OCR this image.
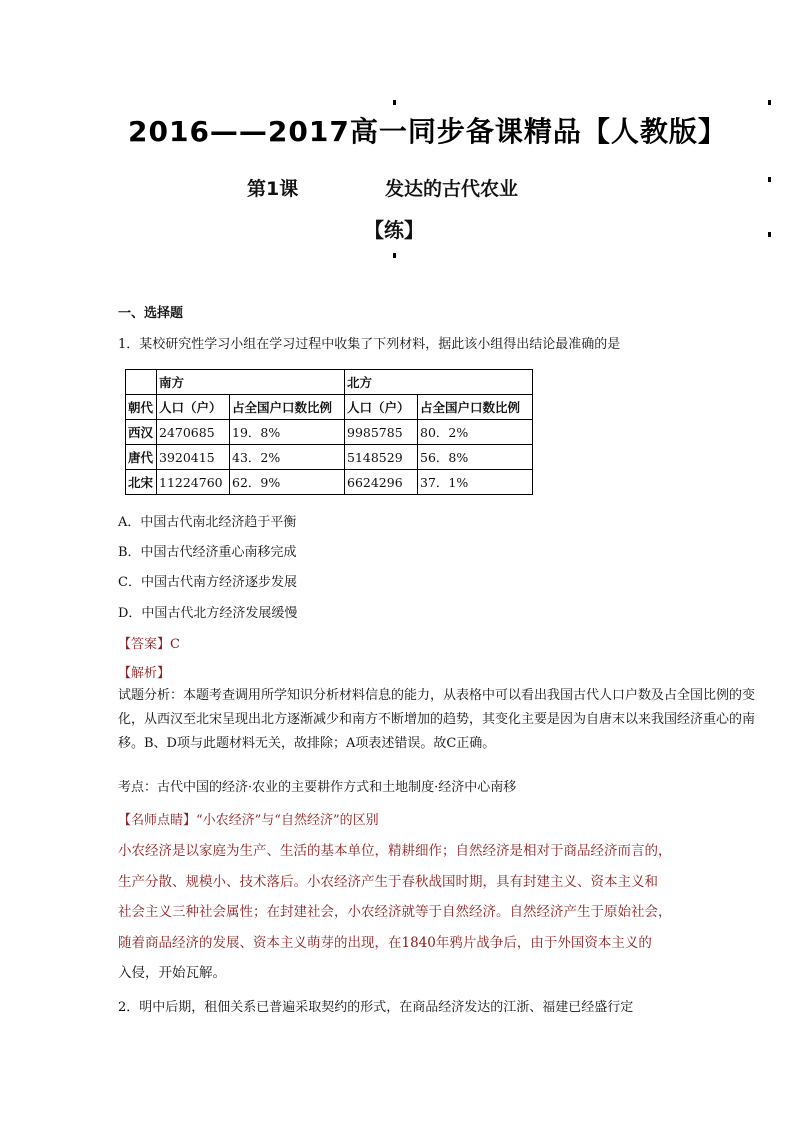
2016——2017高一同步备课精品【人教版】
第1课	发达的古代农业
【练】
一、选择题
1．某校研究性学习小组在学习过程中收集了下列材料，据此该小组得出结论最准确的是
	南方		北方	
朝代	人口（户）	占全国户口数比例	人口（户）	占全国户口数比例
西汉	2470685	19．8%	9985785	80．2%
唐代	3920415	43．2%	5148529	56．8%
北宋	11224760	62．9%	6624296	37．1%
A．中国古代南北经济趋于平衡
B．中国古代经济重心南移完成
C．中国古代南方经济逐步发展
D．中国古代北方经济发展缓慢
【答案】C
【解析】
试题分析：本题考查调用所学知识分析材料信息的能力，从表格中可以看出我国古代人口户数及占全国比例的变化，从西汉至北宋呈现出北方逐渐减少和南方不断增加的趋势，其变化主要是因为自唐末以来我国经济重心的南移。B、D项与此题材料无关，故排除；A项表述错误。故C正确。
考点：古代中国的经济·农业的主要耕作方式和土地制度·经济中心南移
【名师点睛】“小农经济”与“自然经济”的区别
小农经济是以家庭为生产、生活的基本单位，精耕细作；自然经济是相对于商品经济而言的，
生产分散、规模小、技术落后。小农经济产生于春秋战国时期，具有封建主义、资本主义和
社会主义三种社会属性；在封建社会，小农经济就等于自然经济。自然经济产生于原始社会，
随着商品经济的发展、资本主义萌芽的出现，在1840年鸦片战争后，由于外国资本主义的
入侵，开始瓦解。
2．明中后期，租佃关系已普遍采取契约的形式，在商品经济发达的江浙、福建已经盛行定
